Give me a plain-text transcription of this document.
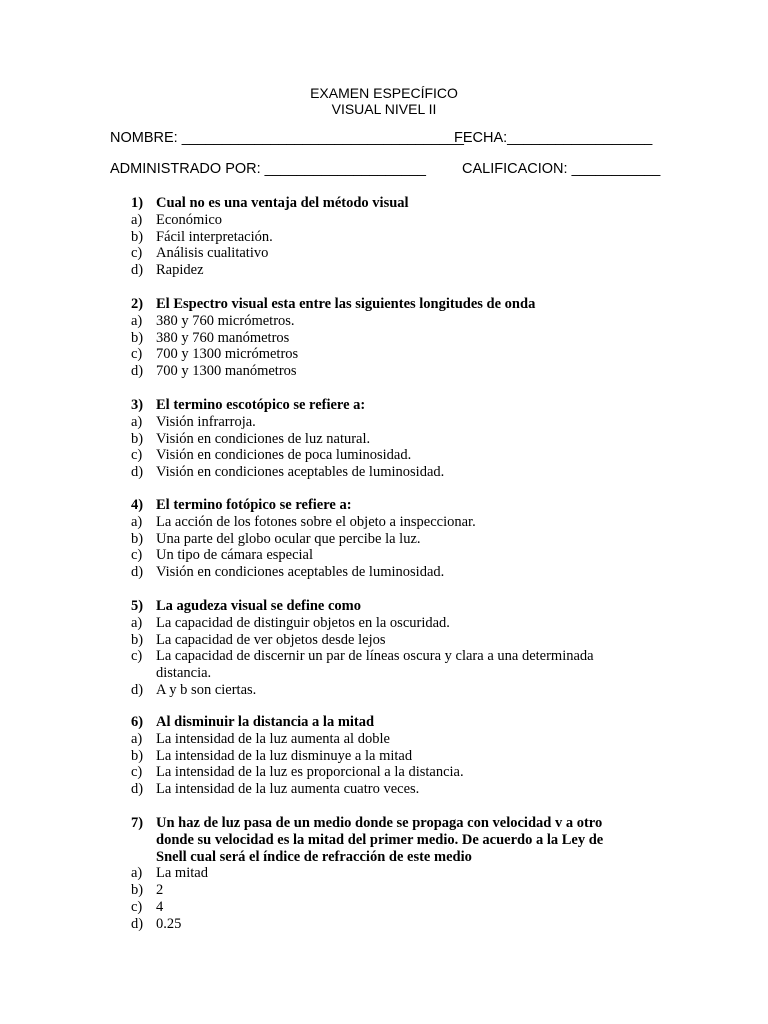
EXAMEN ESPECÍFICO
VISUAL NIVEL II
NOMBRE: ___________________________________
FECHA:__________________
ADMINISTRADO POR: ____________________ CALIFICACION: ___________
1) Cual no es una ventaja del método visual
a) Económico
b) Fácil interpretación.
c) Análisis cualitativo
d) Rapidez
2) El Espectro visual esta entre las siguientes longitudes de onda
a) 380 y 760 micrómetros.
b) 380 y 760 manómetros
c) 700 y 1300 micrómetros
d) 700 y 1300 manómetros
3) El termino escotópico se refiere a:
a) Visión infrarroja.
b) Visión en condiciones de luz natural.
c) Visión en condiciones de poca luminosidad.
d) Visión en condiciones aceptables de luminosidad.
4) El termino fotópico se refiere a:
a) La acción de los fotones sobre el objeto a inspeccionar.
b) Una parte del globo ocular que percibe la luz.
c) Un tipo de cámara especial
d) Visión en condiciones aceptables de luminosidad.
5) La agudeza visual se define como
a) La capacidad de distinguir objetos en la oscuridad.
b) La capacidad de ver objetos desde lejos
c) La capacidad de discernir un par de líneas oscura y clara a una determinada distancia.
d) A y b son ciertas.
6) Al disminuir la distancia a la mitad
a) La intensidad de la luz aumenta al doble
b) La intensidad de la luz disminuye a la mitad
c) La intensidad de la luz es proporcional a la distancia.
d) La intensidad de la luz aumenta cuatro veces.
7) Un haz de luz pasa de un medio donde se propaga con velocidad v a otro donde su velocidad es la mitad del primer medio. De acuerdo a la Ley de Snell cual será el índice de refracción de este medio
a) La mitad
b) 2
c) 4
d) 0.25
